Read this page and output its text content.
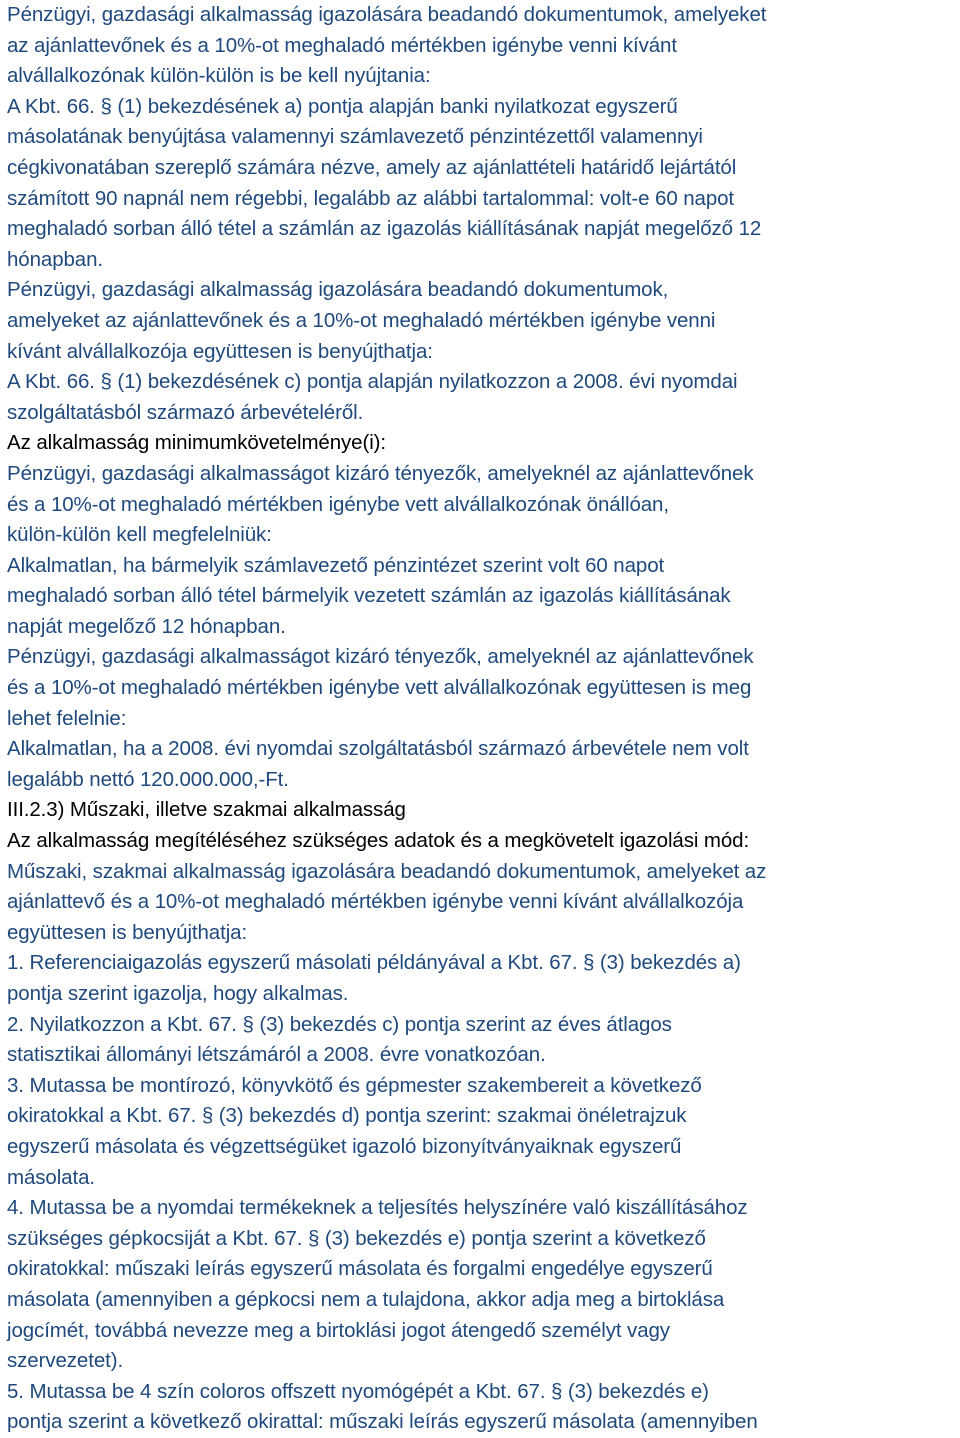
Pénzügyi, gazdasági alkalmasság igazolására beadandó dokumentumok, amelyeket
az ajánlattevőnek és a 10%-ot meghaladó mértékben igénybe venni kívánt
alvállalkozónak külön-külön is be kell nyújtania:
A Kbt. 66. § (1) bekezdésének a) pontja alapján banki nyilatkozat egyszerű
másolatának benyújtása valamennyi számlavezető pénzintézettől valamennyi
cégkivonatában szereplő számára nézve, amely az ajánlattételi határidő lejártától
számított 90 napnál nem régebbi, legalább az alábbi tartalommal: volt-e 60 napot
meghaladó sorban álló tétel a számlán az igazolás kiállításának napját megelőző 12
hónapban.
Pénzügyi, gazdasági alkalmasság igazolására beadandó dokumentumok,
amelyeket az ajánlattevőnek és a 10%-ot meghaladó mértékben igénybe venni
kívánt alvállalkozója együttesen is benyújthatja:
A Kbt. 66. § (1) bekezdésének c) pontja alapján nyilatkozzon a 2008. évi nyomdai
szolgáltatásból származó árbevételéről.
Az alkalmasság minimumkövetelménye(i):
Pénzügyi, gazdasági alkalmasságot kizáró tényezők, amelyeknél az ajánlattevőnek
és a 10%-ot meghaladó mértékben igénybe vett alvállalkozónak önállóan,
külön-külön kell megfelelniük:
Alkalmatlan, ha bármelyik számlavezető pénzintézet szerint volt 60 napot
meghaladó sorban álló tétel bármelyik vezetett számlán az igazolás kiállításának
napját megelőző 12 hónapban.
Pénzügyi, gazdasági alkalmasságot kizáró tényezők, amelyeknél az ajánlattevőnek
és a 10%-ot meghaladó mértékben igénybe vett alvállalkozónak együttesen is meg
lehet felelnie:
Alkalmatlan, ha a 2008. évi nyomdai szolgáltatásból származó árbevétele nem volt
legalább nettó 120.000.000,-Ft.
III.2.3) Műszaki, illetve szakmai alkalmasság
Az alkalmasság megítéléséhez szükséges adatok és a megkövetelt igazolási mód:
Műszaki, szakmai alkalmasság igazolására beadandó dokumentumok, amelyeket az
ajánlattevő és a 10%-ot meghaladó mértékben igénybe venni kívánt alvállalkozója
együttesen is benyújthatja:
1. Referenciaigazolás egyszerű másolati példányával a Kbt. 67. § (3) bekezdés a)
pontja szerint igazolja, hogy alkalmas.
2. Nyilatkozzon a Kbt. 67. § (3) bekezdés c) pontja szerint az éves átlagos
statisztikai állományi létszámáról a 2008. évre vonatkozóan.
3. Mutassa be montírozó, könyvkötő és gépmester szakembereit a következő
okiratokkal a Kbt. 67. § (3) bekezdés d) pontja szerint: szakmai önéletrajzuk
egyszerű másolata és végzettségüket igazoló bizonyítványaiknak egyszerű
másolata.
4. Mutassa be a nyomdai termékeknek a teljesítés helyszínére való kiszállításához
szükséges gépkocsiját a Kbt. 67. § (3) bekezdés e) pontja szerint a következő
okiratokkal: műszaki leírás egyszerű másolata és forgalmi engedélye egyszerű
másolata (amennyiben a gépkocsi nem a tulajdona, akkor adja meg a birtoklása
jogcímét, továbbá nevezze meg a birtoklási jogot átengedő személyt vagy
szervezetet).
5. Mutassa be 4 szín coloros offszett nyomógépét a Kbt. 67. § (3) bekezdés e)
pontja szerint a következő okirattal: műszaki leírás egyszerű másolata (amennyiben
